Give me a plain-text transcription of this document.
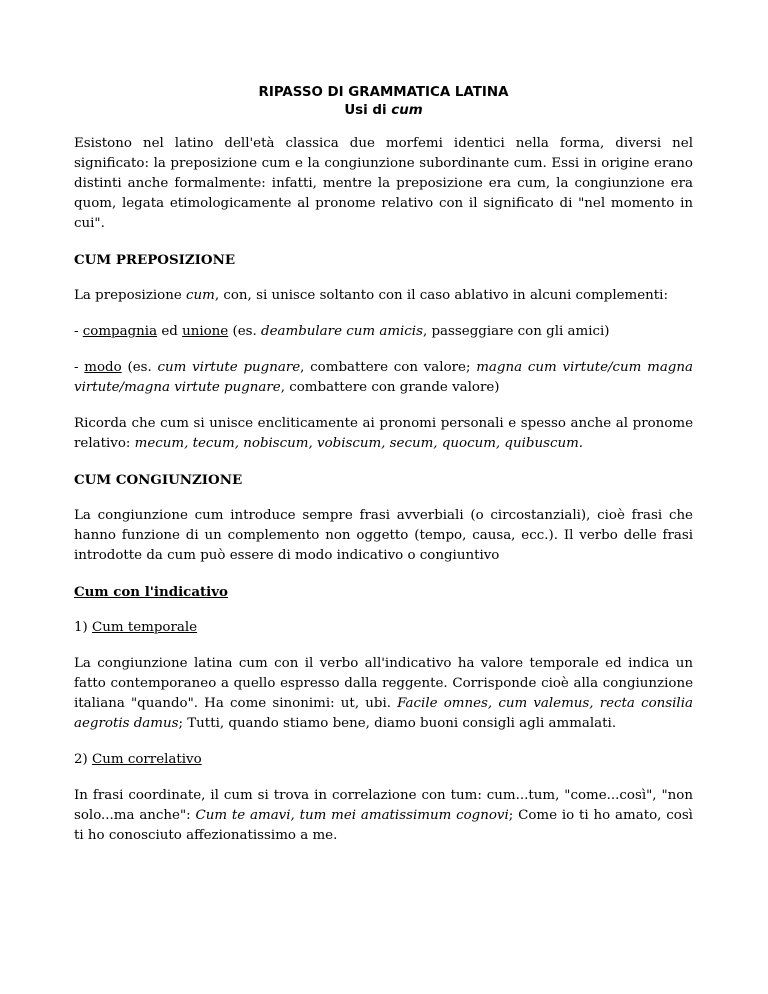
RIPASSO DI GRAMMATICA LATINA
Usi di cum

Esistono nel latino dell'età classica due morfemi identici nella forma, diversi nel significato: la preposizione cum e la congiunzione subordinante cum. Essi in origine erano distinti anche formalmente: infatti, mentre la preposizione era cum, la congiunzione era quom, legata etimologicamente al pronome relativo con il significato di "nel momento in cui".

CUM PREPOSIZIONE

La preposizione cum, con, si unisce soltanto con il caso ablativo in alcuni complementi:

- compagnia ed unione (es. deambulare cum amicis, passeggiare con gli amici)

- modo (es. cum virtute pugnare, combattere con valore; magna cum virtute/cum magna virtute/magna virtute pugnare, combattere con grande valore)

Ricorda che cum si unisce encliticamente ai pronomi personali e spesso anche al pronome relativo: mecum, tecum, nobiscum, vobiscum, secum, quocum, quibuscum.

CUM CONGIUNZIONE

La congiunzione cum introduce sempre frasi avverbiali (o circostanziali), cioè frasi che hanno funzione di un complemento non oggetto (tempo, causa, ecc.). Il verbo delle frasi introdotte da cum può essere di modo indicativo o congiuntivo

Cum con l'indicativo

1) Cum temporale

La congiunzione latina cum con il verbo all'indicativo ha valore temporale ed indica un fatto contemporaneo a quello espresso dalla reggente. Corrisponde cioè alla congiunzione italiana "quando". Ha come sinonimi: ut, ubi. Facile omnes, cum valemus, recta consilia aegrotis damus; Tutti, quando stiamo bene, diamo buoni consigli agli ammalati.

2) Cum correlativo

In frasi coordinate, il cum si trova in correlazione con tum: cum...tum, "come...così", "non solo...ma anche": Cum te amavi, tum mei amatissimum cognovi; Come io ti ho amato, così ti ho conosciuto affezionatissimo a me.
